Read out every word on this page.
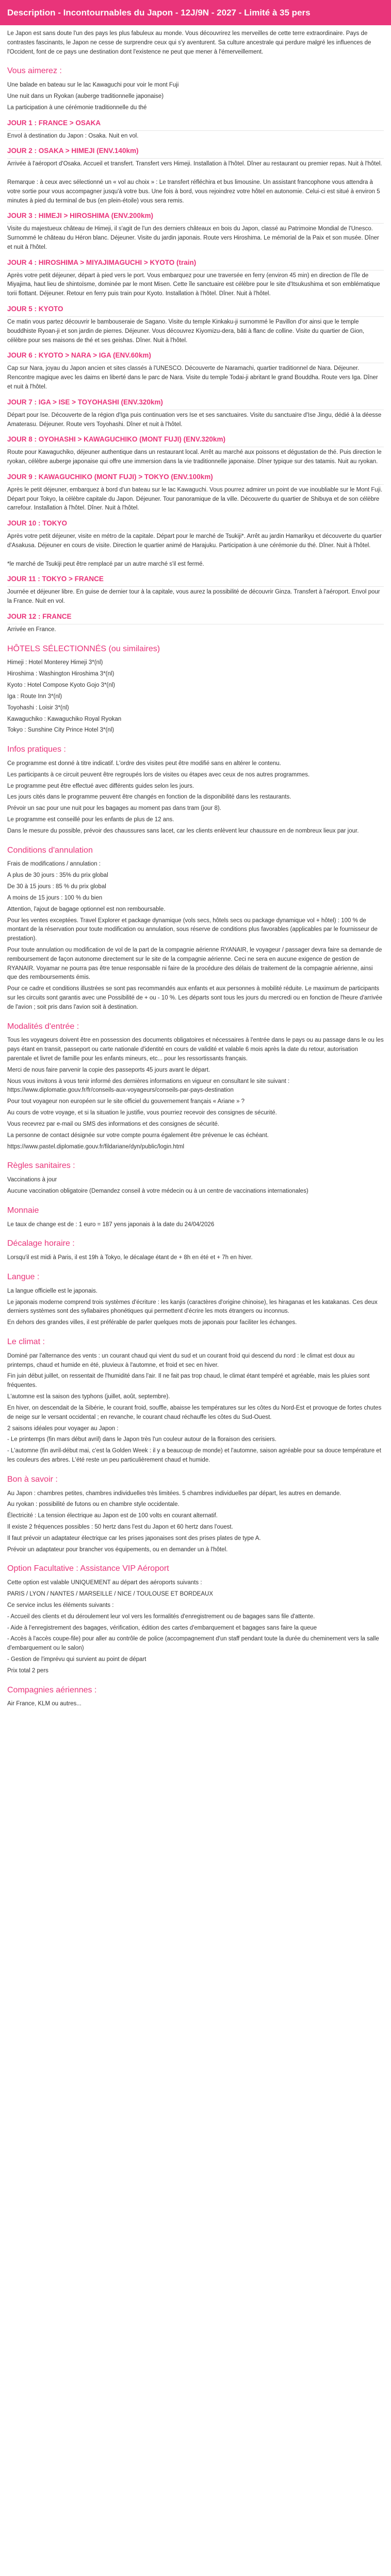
Description - Incontournables du Japon - 12J/9N - 2027 - Limité à 35 pers

Le Japon est sans doute l'un des pays les plus fabuleux au monde. Vous découvrirez les merveilles de cette terre extraordinaire. Pays de contrastes fascinants, le Japon ne cesse de surprendre ceux qui s'y aventurent. Sa culture ancestrale qui perdure malgré les influences de l'Occident, font de ce pays une destination dont l'existence ne peut que mener à l'émerveillement.

Vous aimerez :

Une balade en bateau sur le lac Kawaguchi pour voir le mont Fuji

Une nuit dans un Ryokan (auberge traditionnelle japonaise)

La participation à une cérémonie traditionnelle du thé

JOUR 1 : FRANCE > OSAKA

Envol à destination du Japon : Osaka. Nuit en vol.

JOUR 2 : OSAKA > HIMEJI (ENV.140km)

Arrivée à l'aéroport d'Osaka. Accueil et transfert. Transfert vers Himeji. Installation à l'hôtel. Dîner au restaurant ou premier repas. Nuit à l'hôtel.

Remarque : à ceux avec sélectionné un « vol au choix » : Le transfert réfléchira et bus limousine. Un assistant francophone vous attendra à votre sortie pour vous accompagner jusqu'à votre bus. Une fois à bord, vous rejoindrez votre hôtel en autonomie. Celui-ci est situé à environ 5 minutes à pied du terminal de bus (en plein-étoile) vous sera remis.

JOUR 3 : HIMEJI > HIROSHIMA (ENV.200km)

Visite du majestueux château de Himeji, il s'agit de l'un des derniers châteaux en bois du Japon, classé au Patrimoine Mondial de l'Unesco. Surnommé le château du Héron blanc. Déjeuner. Visite du jardin japonais. Route vers Hiroshima. Le mémorial de la Paix et son musée. Dîner et nuit à l'hôtel.

JOUR 4 : HIROSHIMA > MIYAJIMAGUCHI > KYOTO (train)

Après votre petit déjeuner, départ à pied vers le port. Vous embarquez pour une traversée en ferry (environ 45 min) en direction de l'île de Miyajima, haut lieu de shintoïsme, dominée par le mont Misen. Cette île sanctuaire est célèbre pour le site d'Itsukushima et son emblématique torii flottant. Déjeuner. Retour en ferry puis train pour Kyoto. Installation à l'hôtel. Dîner. Nuit à l'hôtel.

JOUR 5 : KYOTO

Ce matin vous partez découvrir le bambouseraie de Sagano. Visite du temple Kinkaku-ji surnommé le Pavillon d'or ainsi que le temple bouddhiste Ryoan-ji et son jardin de pierres. Déjeuner. Vous découvrez Kiyomizu-dera, bâti à flanc de colline. Visite du quartier de Gion, célèbre pour ses maisons de thé et ses geishas. Dîner. Nuit à l'hôtel.

JOUR 6 : KYOTO > NARA > IGA (ENV.60km)

Cap sur Nara, joyau du Japon ancien et sites classés à l'UNESCO. Découverte de Naramachi, quartier traditionnel de Nara. Déjeuner. Rencontre magique avec les daims en liberté dans le parc de Nara. Visite du temple Todai-ji abritant le grand Bouddha. Route vers Iga. Dîner et nuit à l'hôtel.

JOUR 7 : IGA > ISE > TOYOHASHI (ENV.320km)

Départ pour Ise. Découverte de la région d'Iga puis continuation vers Ise et ses sanctuaires. Visite du sanctuaire d'Ise Jingu, dédié à la déesse Amaterasu. Déjeuner. Route vers Toyohashi. Dîner et nuit à l'hôtel.

JOUR 8 : OYOHASHI > KAWAGUCHIKO (MONT FUJI) (ENV.320km)

Route pour Kawaguchiko, déjeuner authentique dans un restaurant local. Arrêt au marché aux poissons et dégustation de thé. Puis direction le ryokan, célèbre auberge japonaise qui offre une immersion dans la vie traditionnelle japonaise. Dîner typique sur des tatamis. Nuit au ryokan.

JOUR 9 : KAWAGUCHIKO (MONT FUJI) > TOKYO (ENV.100km)

Après le petit déjeuner, embarquez à bord d'un bateau sur le lac Kawaguchi. Vous pourrez admirer un point de vue inoubliable sur le Mont Fuji. Départ pour Tokyo, la célèbre capitale du Japon. Déjeuner. Tour panoramique de la ville. Découverte du quartier de Shibuya et de son célèbre carrefour. Installation à l'hôtel. Dîner. Nuit à l'hôtel.

JOUR 10 : TOKYO

Après votre petit déjeuner, visite en métro de la capitale. Départ pour le marché de Tsukiji*. Arrêt au jardin Hamarikyu et découverte du quartier d'Asakusa. Déjeuner en cours de visite. Direction le quartier animé de Harajuku. Participation à une cérémonie du thé. Dîner. Nuit à l'hôtel.

*le marché de Tsukiji peut être remplacé par un autre marché s'il est fermé.

JOUR 11 : TOKYO > FRANCE

Journée et déjeuner libre. En guise de dernier tour à la capitale, vous aurez la possibilité de découvrir Ginza. Transfert à l'aéroport. Envol pour la France. Nuit en vol.

JOUR 12 : FRANCE

Arrivée en France.

HÔTELS SÉLECTIONNÉS (ou similaires)

Himeji : Hotel Monterey Himeji 3*(nl)

Hiroshima : Washington Hiroshima 3*(nl)

Kyoto : Hotel Compose Kyoto Gojo 3*(nl)

Iga : Route Inn 3*(nl)

Toyohashi : Loisir 3*(nl)

Kawaguchiko : Kawaguchiko Royal Ryokan

Tokyo : Sunshine City Prince Hotel 3*(nl)

Infos pratiques :

Ce programme est donné à titre indicatif. L'ordre des visites peut être modifié sans en altérer le contenu.

Les participants à ce circuit peuvent être regroupés lors de visites ou étapes avec ceux de nos autres programmes.

Le programme peut être effectué avec différents guides selon les jours.

Les jours cités dans le programme peuvent être changés en fonction de la disponibilité dans les restaurants.

Prévoir un sac pour une nuit pour les bagages au moment pas dans tram (jour 8).

Le programme est conseillé pour les enfants de plus de 12 ans.

Dans le mesure du possible, prévoir des chaussures sans lacet, car les clients enlèvent leur chaussure en de nombreux lieux par jour.

Conditions d'annulation

Frais de modifications / annulation :

A plus de 30 jours : 35% du prix global

De 30 à 15 jours : 85 % du prix global

A moins de 15 jours : 100 % du bien

Attention, l'ajout de bagage optionnel est non remboursable.

Pour les ventes exceptées. Travel Explorer et package dynamique (vols secs, hôtels secs ou package dynamique vol + hôtel) : 100 % de montant de la réservation pour toute modification ou annulation, sous réserve de conditions plus favorables (applicables par le fournisseur de prestation).

Pour toute annulation ou modification de vol de la part de la compagnie aérienne RYANAIR, le voyageur / passager devra faire sa demande de remboursement de façon autonome directement sur le site de la compagnie aérienne. Ceci ne sera en aucune exigence de gestion de RYANAIR. Voyamar ne pourra pas être tenue responsable ni faire de la procédure des délais de traitement de la compagnie aérienne, ainsi que des remboursements émis.

Pour ce cadre et conditions illustrées se sont pas recommandés aux enfants et aux personnes à mobilité réduite. Le maximum de participants sur les circuits sont garantis avec une Possibilité de + ou - 10 %. Les départs sont tous les jours du mercredi ou en fonction de l'heure d'arrivée de l'avion ; soit pris dans l'avion soit à destination.

Modalités d'entrée :

Tous les voyageurs doivent être en possession des documents obligatoires et nécessaires à l'entrée dans le pays ou au passage dans le ou les pays étant en transit, passeport ou carte nationale d'identité en cours de validité et valable 6 mois après la date du retour, autorisation parentale et livret de famille pour les enfants mineurs, etc... pour les ressortissants français.

Merci de nous faire parvenir la copie des passeports 45 jours avant le départ.

Nous vous invitons à vous tenir informé des dernières informations en vigueur en consultant le site suivant : https://www.diplomatie.gouv.fr/fr/conseils-aux-voyageurs/conseils-par-pays-destination

Pour tout voyageur non européen sur le site officiel du gouvernement français « Ariane » ?

Au cours de votre voyage, et si la situation le justifie, vous pourriez recevoir des consignes de sécurité.

Vous recevrez par e-mail ou SMS des informations et des consignes de sécurité.

La personne de contact désignée sur votre compte pourra également être prévenue le cas échéant.

https://www.pastel.diplomatie.gouv.fr/fildariane/dyn/public/login.html

Règles sanitaires :

Vaccinations à jour

Aucune vaccination obligatoire (Demandez conseil à votre médecin ou à un centre de vaccinations internationales)

Monnaie

Le taux de change est de : 1 euro = 187 yens japonais à la date du 24/04/2026

Décalage horaire :

Lorsqu'il est midi à Paris, il est 19h à Tokyo, le décalage étant de + 8h en été et + 7h en hiver.

Langue :

La langue officielle est le japonais.

Le japonais moderne comprend trois systèmes d'écriture : les kanjis (caractères d'origine chinoise), les hiraganas et les katakanas. Ces deux derniers systèmes sont des syllabaires phonétiques qui permettent d'écrire les mots étrangers ou inconnus.

En dehors des grandes villes, il est préférable de parler quelques mots de japonais pour faciliter les échanges.

Le climat :

Dominé par l'alternance des vents : un courant chaud qui vient du sud et un courant froid qui descend du nord : le climat est doux au printemps, chaud et humide en été, pluvieux à l'automne, et froid et sec en hiver.

Fin juin début juillet, on ressentait de l'humidité dans l'air. Il ne fait pas trop chaud, le climat étant tempéré et agréable, mais les pluies sont fréquentes.

L'automne est la saison des typhons (juillet, août, septembre).

En hiver, on descendait de la Sibérie, le courant froid, souffle, abaisse les températures sur les côtes du Nord-Est et provoque de fortes chutes de neige sur le versant occidental ; en revanche, le courant chaud réchauffe les côtes du Sud-Ouest.

2 saisons idéales pour voyager au Japon :

- Le printemps (fin mars début avril) dans le Japon très l'un couleur autour de la floraison des cerisiers.

- L'automne (fin avril-début mai, c'est la Golden Week : il y a beaucoup de monde) et l'automne, saison agréable pour sa douce température et les couleurs des arbres. L'été reste un peu particulièrement chaud et humide.

Bon à savoir :

Au Japon : chambres petites, chambres individuelles très limitées. 5 chambres individuelles par départ, les autres en demande.

Au ryokan : possibilité de futons ou en chambre style occidentale.

Électricité : La tension électrique au Japon est de 100 volts en courant alternatif.

Il existe 2 fréquences possibles : 50 hertz dans l'est du Japon et 60 hertz dans l'ouest.

Il faut prévoir un adaptateur électrique car les prises japonaises sont des prises plates de type A.

Prévoir un adaptateur pour brancher vos équipements, ou en demander un à l'hôtel.

Option Facultative : Assistance VIP Aéroport

Cette option est valable UNIQUEMENT au départ des aéroports suivants :

PARIS / LYON / NANTES / MARSEILLE / NICE / TOULOUSE ET BORDEAUX

Ce service inclus les éléments suivants :

- Accueil des clients et du déroulement leur vol vers les formalités d'enregistrement ou de bagages sans file d'attente.

- Aide à l'enregistrement des bagages, vérification, édition des cartes d'embarquement et bagages sans faire la queue

- Accès à l'accès coupe-file) pour aller au contrôle de police (accompagnement d'un staff pendant toute la durée du cheminement vers la salle d'embarquement ou le salon)

- Gestion de l'imprévu qui survient au point de départ

Prix total 2 pers

Compagnies aériennes :

Air France, KLM ou autres...
